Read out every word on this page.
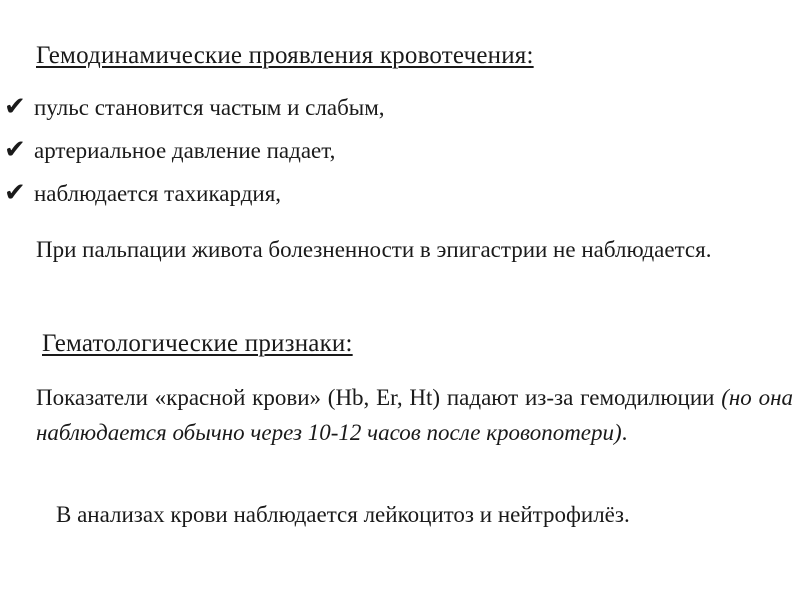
Гемодинамические проявления кровотечения:
✔ пульс становится частым и слабым,
✔ артериальное давление падает,
✔ наблюдается тахикардия,

При пальпации живота болезненности в эпигастрии не наблюдается.

Гематологические признаки:

Показатели «красной крови» (Hb, Er, Ht) падают из-за гемодилюции (но она наблюдается обычно через 10-12 часов после кровопотери).

В анализах крови наблюдается лейкоцитоз и нейтрофилёз.
